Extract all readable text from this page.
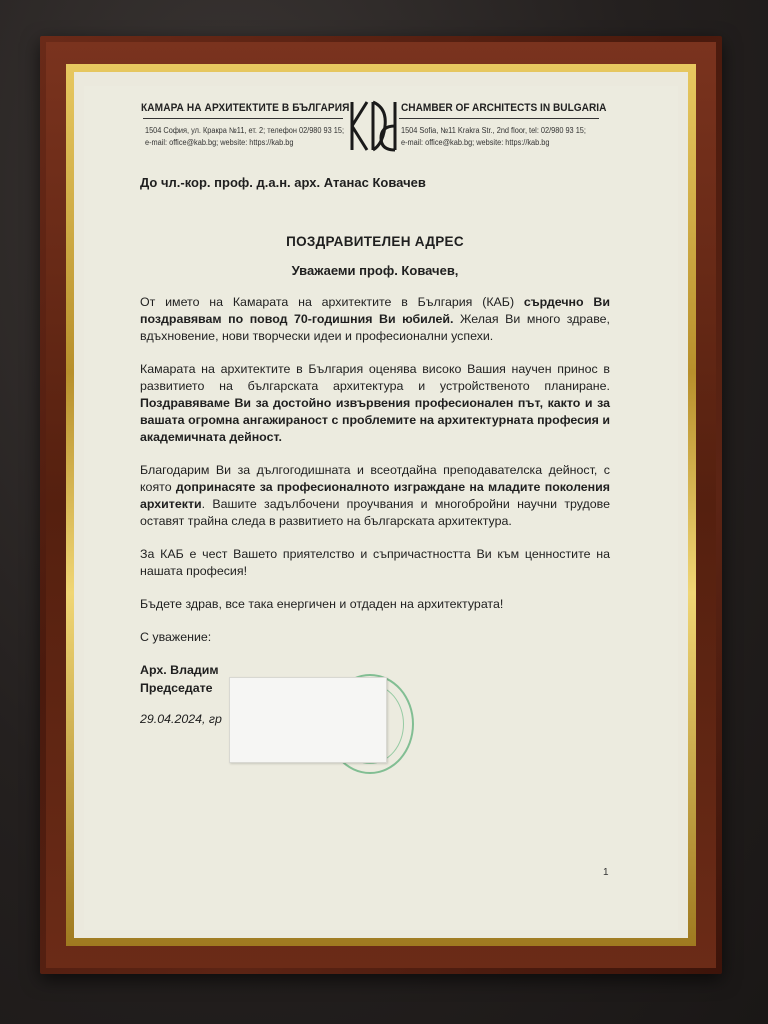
КАМАРА НА АРХИТЕКТИТЕ В БЪЛГАРИЯ
1504 София, ул. Кракра №11, ет. 2; телефон 02/980 93 15;
e-mail: office@kab.bg; website: https://kab.bg
CHAMBER OF ARCHITECTS IN BULGARIA
1504 Sofia, №11 Krakra Str., 2nd floor, tel: 02/980 93 15;
e-mail: office@kab.bg; website: https://kab.bg

До чл.-кор. проф. д.а.н. арх. Атанас Ковачев

ПОЗДРАВИТЕЛЕН АДРЕС

Уважаеми проф. Ковачев,

От името на Камарата на архитектите в България (КАБ) сърдечно Ви поздравявам по повод 70-годишния Ви юбилей. Желая Ви много здраве, вдъхновение, нови творчески идеи и професионални успехи.

Камарата на архитектите в България оценява високо Вашия научен принос в развитието на българската архитектура и устройственото планиране. Поздравяваме Ви за достойно извървения професионален път, както и за вашата огромна ангажираност с проблемите на архитектурната професия и академичната дейност.

Благодарим Ви за дългогодишната и всеотдайна преподавателска дейност, с която допринасяте за професионалното изграждане на младите поколения архитекти. Вашите задълбочени проучвания и многобройни научни трудове оставят трайна следа в развитието на българската архитектура.

За КАБ е чест Вашето приятелство и съпричастността Ви към ценностите на нашата професия!

Бъдете здрав, все така енергичен и отдаден на архитектурата!

С уважение:

Арх. Владим

Председате

29.04.2024, гр

1
